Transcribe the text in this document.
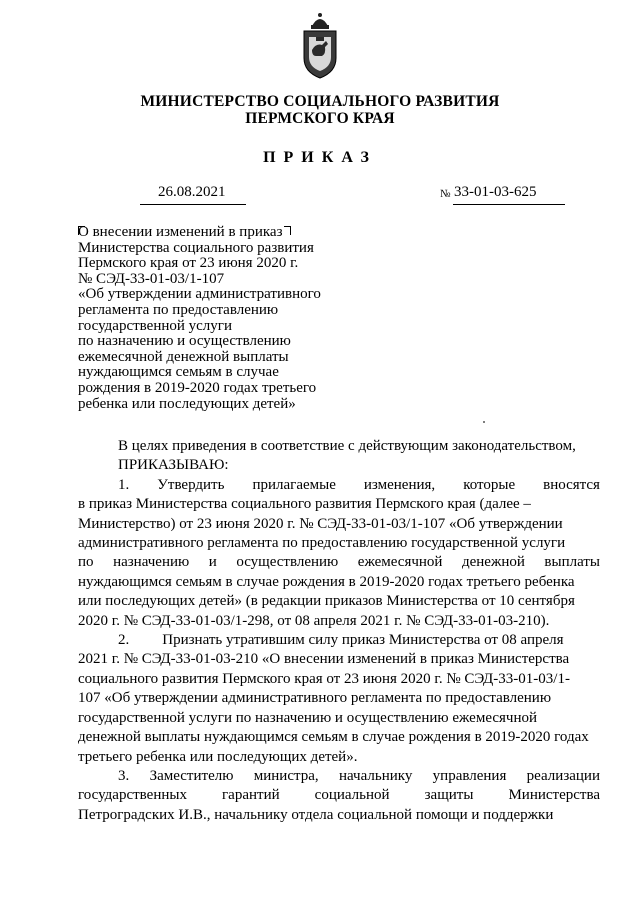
МИНИСТЕРСТВО СОЦИАЛЬНОГО РАЗВИТИЯ
ПЕРМСКОГО КРАЯ
ПРИКАЗ
26.08.2021	№ 33-01-03-625
О внесении изменений в приказ
Министерства социального развития
Пермского края от 23 июня 2020 г.
№ СЭД-33-01-03/1-107
«Об утверждении административного
регламента по предоставлению
государственной услуги
по назначению и осуществлению
ежемесячной денежной выплаты
нуждающимся семьям в случае
рождения в 2019-2020 годах третьего
ребенка или последующих детей»
В целях приведения в соответствие с действующим законодательством,
ПРИКАЗЫВАЮ:
1. Утвердить прилагаемые изменения, которые вносятся
в приказ Министерства социального развития Пермского края (далее –
Министерство) от 23 июня 2020 г. № СЭД-33-01-03/1-107 «Об утверждении
административного регламента по предоставлению государственной услуги
по назначению и осуществлению ежемесячной денежной выплаты
нуждающимся семьям в случае рождения в 2019-2020 годах третьего ребенка
или последующих детей» (в редакции приказов Министерства от 10 сентября
2020 г. № СЭД-33-01-03/1-298, от 08 апреля 2021 г. № СЭД-33-01-03-210).
2. Признать утратившим силу приказ Министерства от 08 апреля
2021 г. № СЭД-33-01-03-210 «О внесении изменений в приказ Министерства
социального развития Пермского края от 23 июня 2020 г. № СЭД-33-01-03/1-
107 «Об утверждении административного регламента по предоставлению
государственной услуги по назначению и осуществлению ежемесячной
денежной выплаты нуждающимся семьям в случае рождения в 2019-2020 годах
третьего ребенка или последующих детей».
3. Заместителю министра, начальнику управления реализации
государственных гарантий социальной защиты Министерства
Петроградских И.В., начальнику отдела социальной помощи и поддержки
